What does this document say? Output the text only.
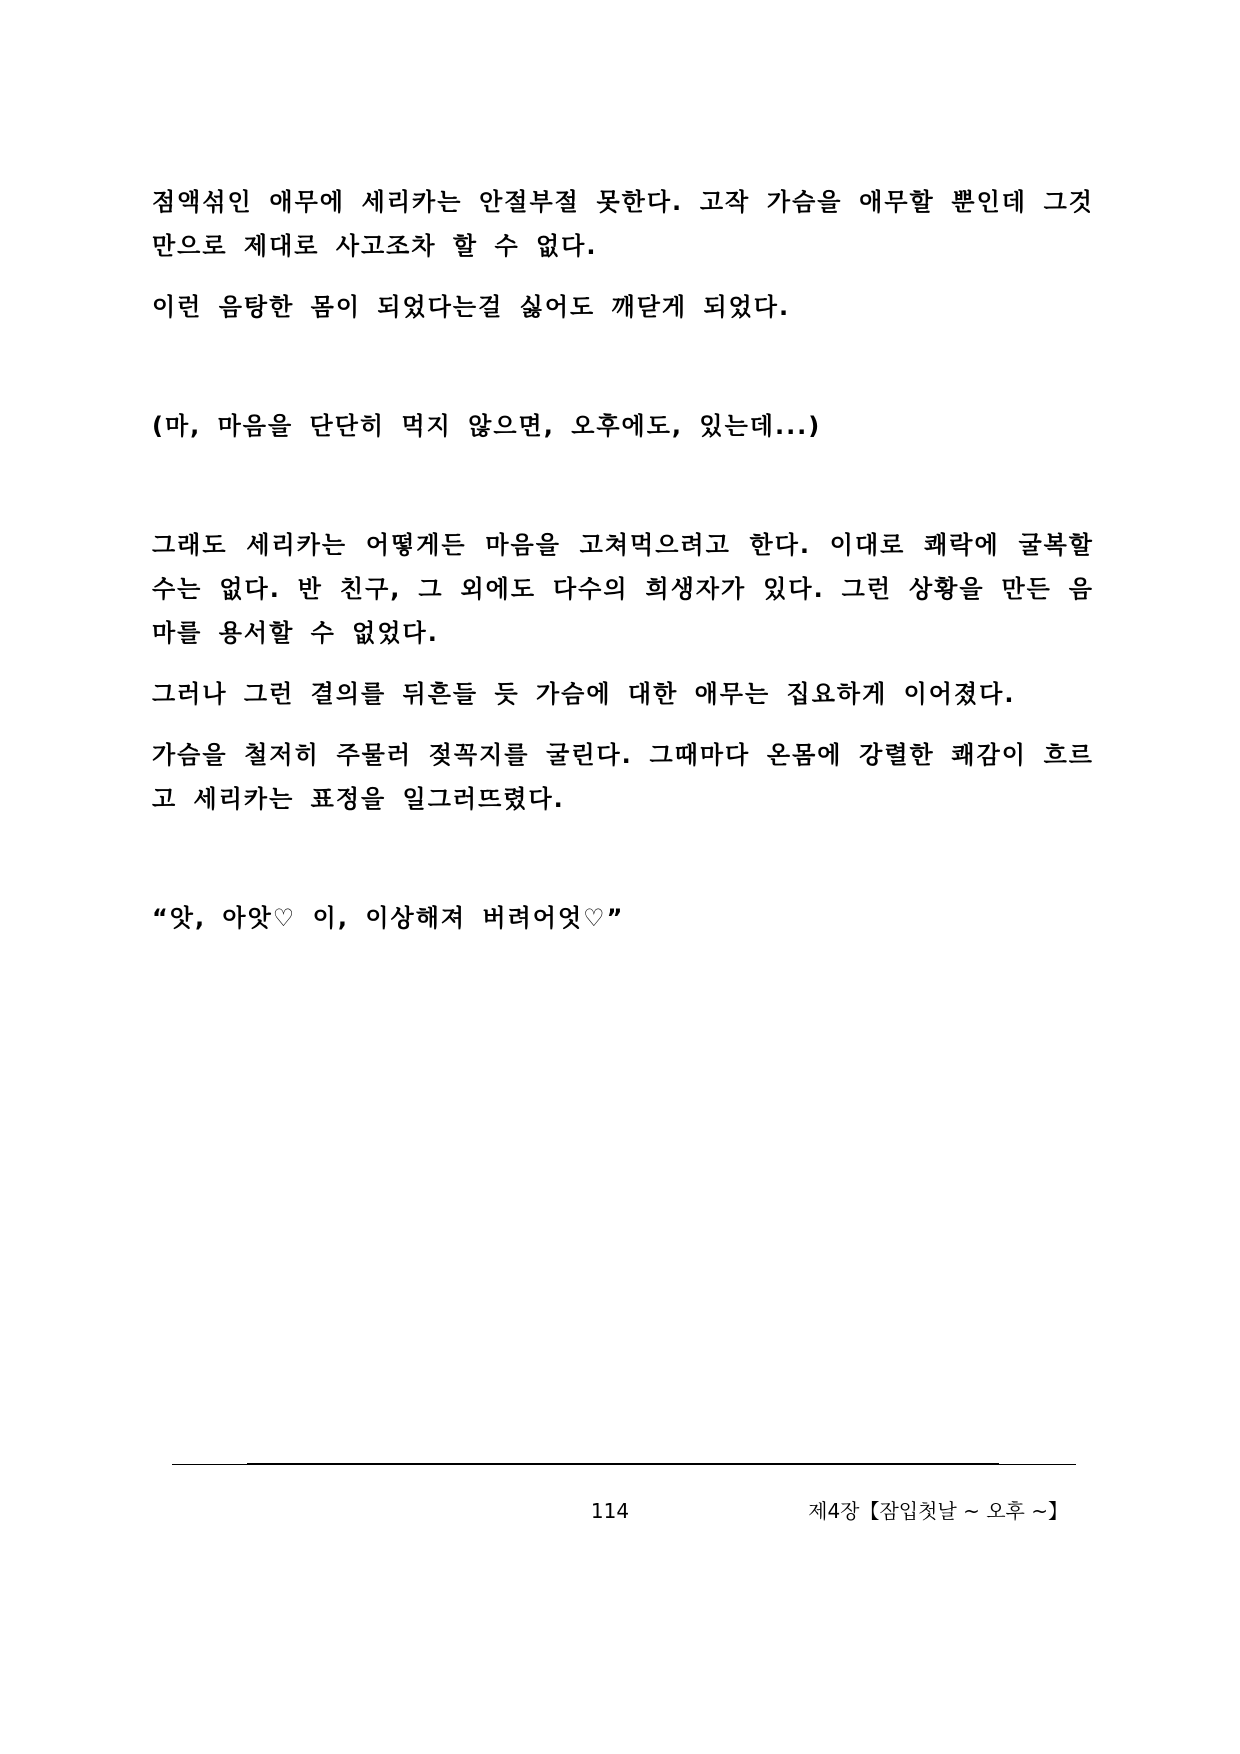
점액섞인 애무에 세리카는 안절부절 못한다. 고작 가슴을 애무할 뿐인데 그것만으로 제대로 사고조차 할 수 없다.

이런 음탕한 몸이 되었다는걸 싫어도 깨닫게 되었다.

(마, 마음을 단단히 먹지 않으면, 오후에도, 있는데...)

그래도 세리카는 어떻게든 마음을 고쳐먹으려고 한다. 이대로 쾌락에 굴복할 수는 없다. 반 친구, 그 외에도 다수의 희생자가 있다. 그런 상황을 만든 음마를 용서할 수 없었다.

그러나 그런 결의를 뒤흔들 듯 가슴에 대한 애무는 집요하게 이어졌다.

가슴을 철저히 주물러 젖꼭지를 굴린다. 그때마다 온몸에 강렬한 쾌감이 흐르고 세리카는 표정을 일그러뜨렸다.

“앗, 아앗♡ 이, 이상해져 버려어엇♡”

114	제4장【잠입첫날 ~ 오후 ~】
